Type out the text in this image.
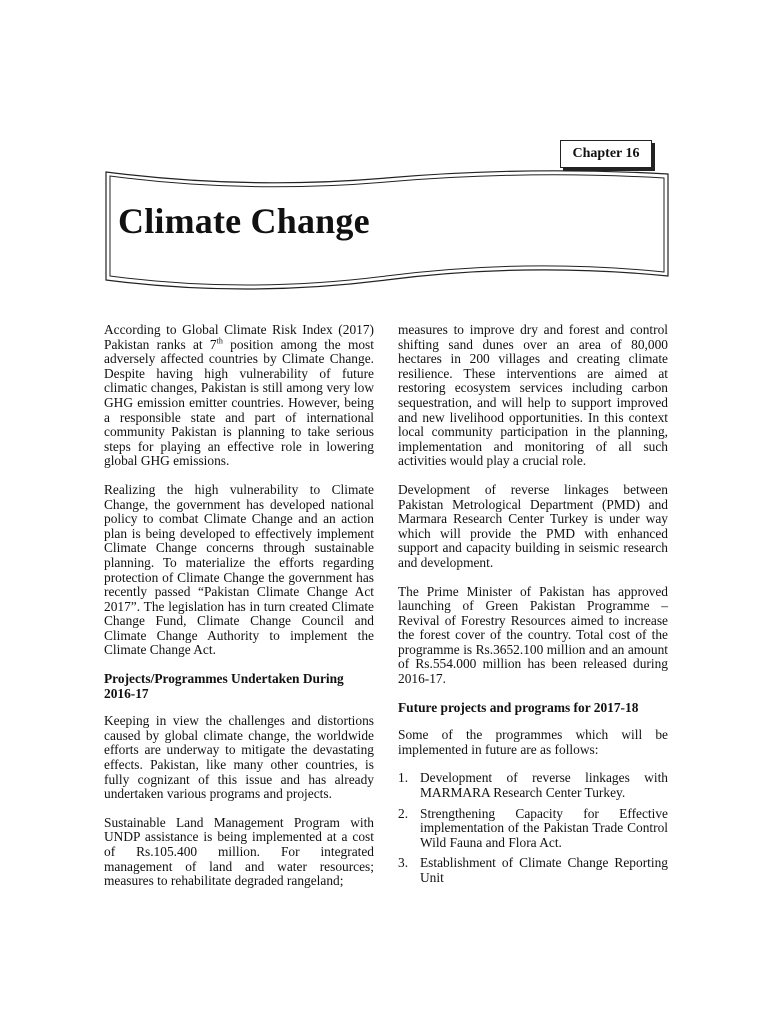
Chapter 16
Climate Change

According to Global Climate Risk Index (2017) Pakistan ranks at 7th position among the most adversely affected countries by Climate Change. Despite having high vulnerability of future climatic changes, Pakistan is still among very low GHG emission emitter countries. However, being a responsible state and part of international community Pakistan is planning to take serious steps for playing an effective role in lowering global GHG emissions.

Realizing the high vulnerability to Climate Change, the government has developed national policy to combat Climate Change and an action plan is being developed to effectively implement Climate Change concerns through sustainable planning. To materialize the efforts regarding protection of Climate Change the government has recently passed “Pakistan Climate Change Act 2017”. The legislation has in turn created Climate Change Fund, Climate Change Council and Climate Change Authority to implement the Climate Change Act.

Projects/Programmes Undertaken During 2016-17

Keeping in view the challenges and distortions caused by global climate change, the worldwide efforts are underway to mitigate the devastating effects. Pakistan, like many other countries, is fully cognizant of this issue and has already undertaken various programs and projects.

Sustainable Land Management Program with UNDP assistance is being implemented at a cost of Rs.105.400 million. For integrated management of land and water resources; measures to rehabilitate degraded rangeland;

measures to improve dry and forest and control shifting sand dunes over an area of 80,000 hectares in 200 villages and creating climate resilience. These interventions are aimed at restoring ecosystem services including carbon sequestration, and will help to support improved and new livelihood opportunities. In this context local community participation in the planning, implementation and monitoring of all such activities would play a crucial role.

Development of reverse linkages between Pakistan Metrological Department (PMD) and Marmara Research Center Turkey is under way which will provide the PMD with enhanced support and capacity building in seismic research and development.

The Prime Minister of Pakistan has approved launching of Green Pakistan Programme – Revival of Forestry Resources aimed to increase the forest cover of the country. Total cost of the programme is Rs.3652.100 million and an amount of Rs.554.000 million has been released during 2016-17.

Future projects and programs for 2017-18

Some of the programmes which will be implemented in future are as follows:

1. Development of reverse linkages with MARMARA Research Center Turkey.
2. Strengthening Capacity for Effective implementation of the Pakistan Trade Control Wild Fauna and Flora Act.
3. Establishment of Climate Change Reporting Unit
